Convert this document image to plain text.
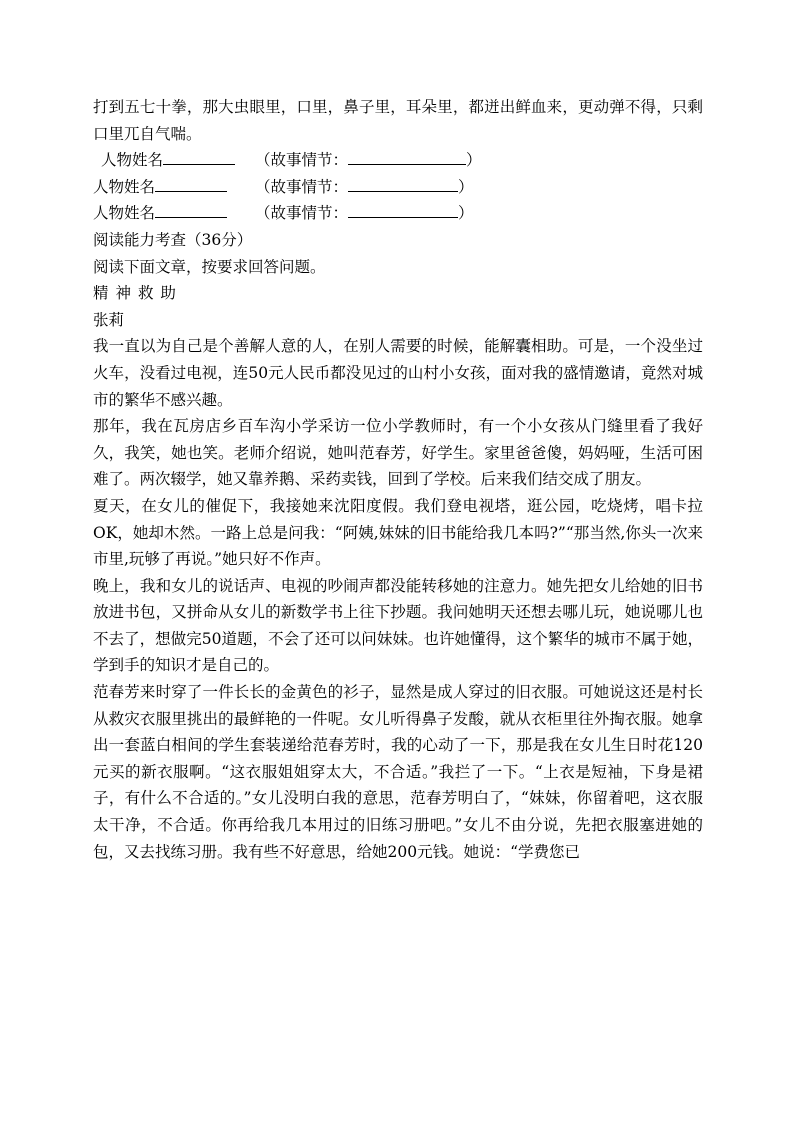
打到五七十拳，那大虫眼里，口里，鼻子里，耳朵里，都迸出鲜血来，更动弹不得，只剩口里兀自气喘。

人物姓名	（故事情节：	）
人物姓名	（故事情节：	）
人物姓名	（故事情节：	）

阅读能力考查（36分）

阅读下面文章，按要求回答问题。

精神救助

张莉

我一直以为自己是个善解人意的人，在别人需要的时候，能解囊相助。可是，一个没坐过火车，没看过电视，连50元人民币都没见过的山村小女孩，面对我的盛情邀请，竟然对城市的繁华不感兴趣。

那年，我在瓦房店乡百车沟小学采访一位小学教师时，有一个小女孩从门缝里看了我好久，我笑，她也笑。老师介绍说，她叫范春芳，好学生。家里爸爸傻，妈妈哑，生活可困难了。两次辍学，她又靠养鹅、采药卖钱，回到了学校。后来我们结交成了朋友。

夏天，在女儿的催促下，我接她来沈阳度假。我们登电视塔，逛公园，吃烧烤，唱卡拉OK，她却木然。一路上总是问我：“阿姨,妹妹的旧书能给我几本吗?”“那当然,你头一次来市里,玩够了再说。”她只好不作声。

晚上，我和女儿的说话声、电视的吵闹声都没能转移她的注意力。她先把女儿给她的旧书放进书包，又拼命从女儿的新数学书上往下抄题。我问她明天还想去哪儿玩，她说哪儿也不去了，想做完50道题，不会了还可以问妹妹。也许她懂得，这个繁华的城市不属于她，学到手的知识才是自己的。

范春芳来时穿了一件长长的金黄色的衫子，显然是成人穿过的旧衣服。可她说这还是村长从救灾衣服里挑出的最鲜艳的一件呢。女儿听得鼻子发酸，就从衣柜里往外掏衣服。她拿出一套蓝白相间的学生套装递给范春芳时，我的心动了一下，那是我在女儿生日时花120元买的新衣服啊。“这衣服姐姐穿太大，不合适。”我拦了一下。“上衣是短袖，下身是裙子，有什么不合适的。”女儿没明白我的意思，范春芳明白了，“妹妹，你留着吧，这衣服太干净，不合适。你再给我几本用过的旧练习册吧。”女儿不由分说，先把衣服塞进她的包，又去找练习册。我有些不好意思，给她200元钱。她说：“学费您已
